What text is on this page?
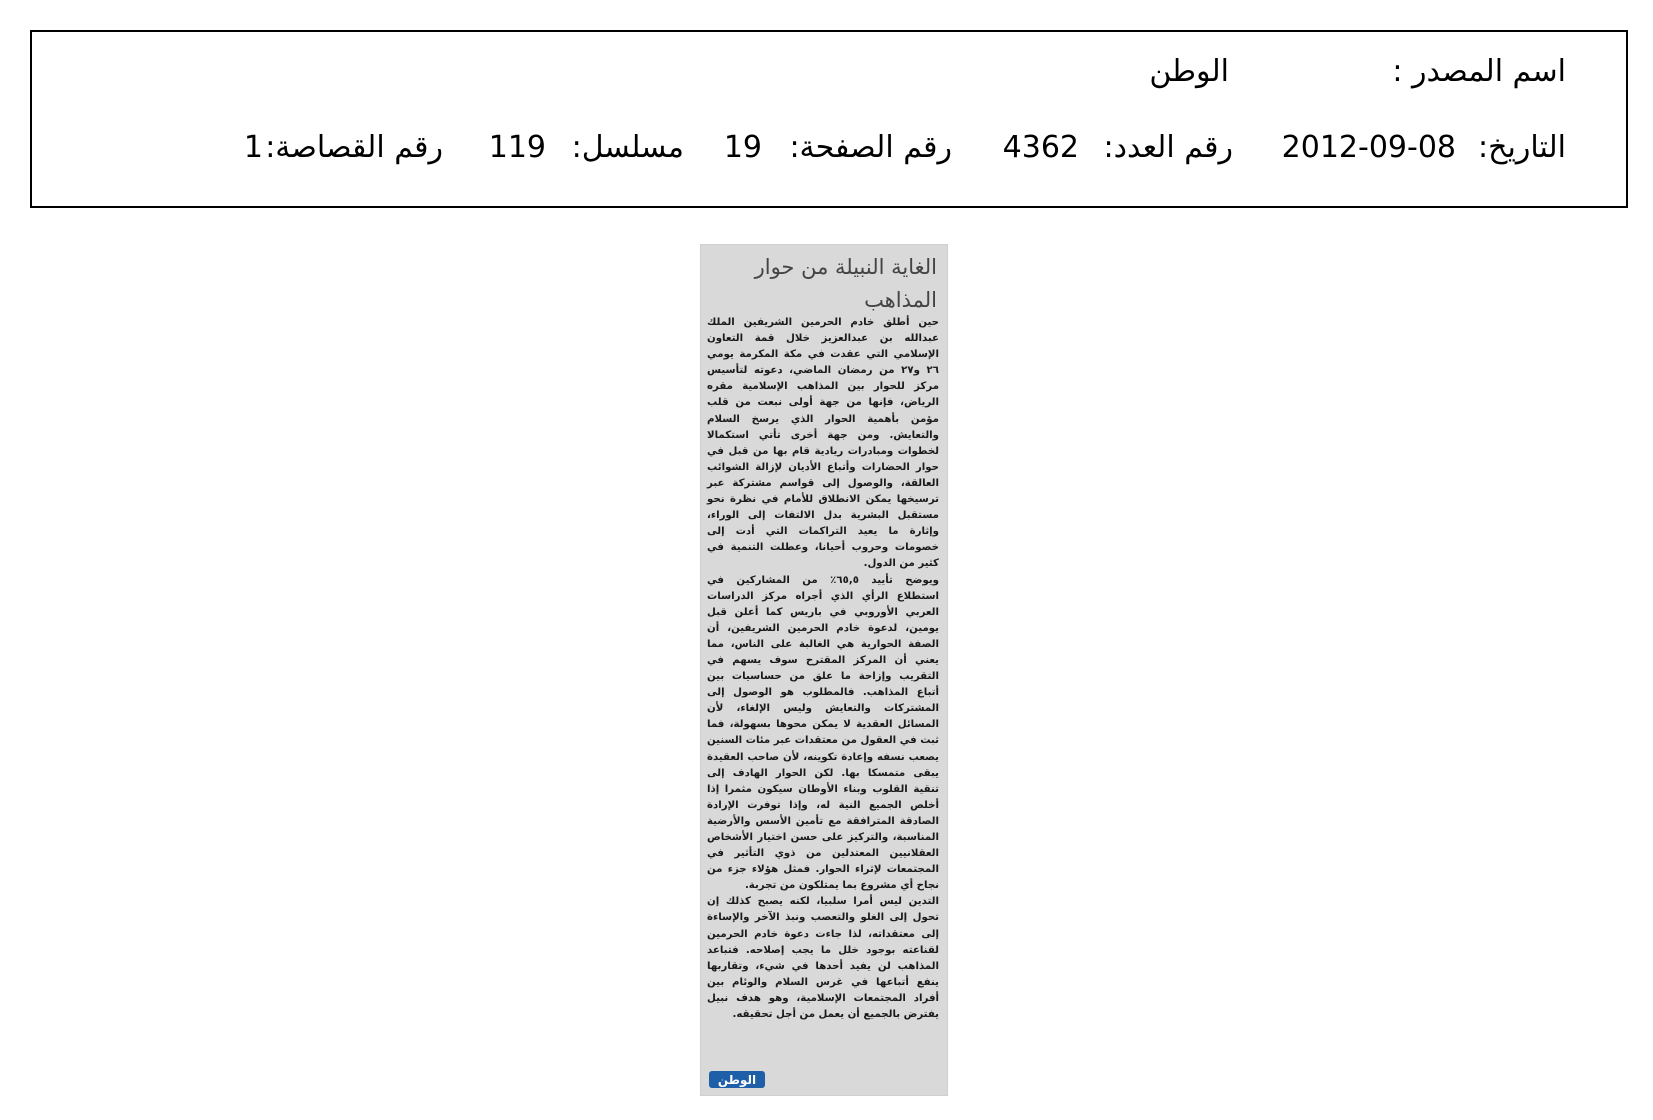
اسم المصدر :
الوطن
التاريخ:
2012-09-08
رقم العدد:
4362
رقم الصفحة:
19
مسلسل:
119
رقم القصاصة:
1
الغاية النبيلة من حوار المذاهب

حين أطلق خادم الحرمين الشريفين الملك عبدالله بن عبدالعزيز خلال قمة التعاون الإسلامي التي عقدت في مكة المكرمة يومي ٢٦ و٢٧ من رمضان الماضي، دعوته لتأسيس مركز للحوار بين المذاهب الإسلامية مقره الرياض، فإنها من جهة أولى نبعت من قلب مؤمن بأهمية الحوار الذي يرسخ السلام والتعايش. ومن جهة أخرى تأتي استكمالا لخطوات ومبادرات ريادية قام بها من قبل في حوار الحضارات وأتباع الأديان لإزالة الشوائب العالقة، والوصول إلى قواسم مشتركة عبر ترسيخها يمكن الانطلاق للأمام في نظرة نحو مستقبل البشرية بدل الالتفات إلى الوراء، وإثارة ما يعيد التراكمات التي أدت إلى خصومات وحروب أحيانا، وعطلت التنمية في كثير من الدول.

ويوضح تأييد ٦٥,٥٪ من المشاركين في استطلاع الرأي الذي أجراه مركز الدراسات العربي الأوروبي في باريس كما أعلن قبل يومين، لدعوة خادم الحرمين الشريفين، أن الصفة الحوارية هي الغالبة على الناس، مما يعني أن المركز المقترح سوف يسهم في التقريب وإزاحة ما علق من حساسيات بين أتباع المذاهب. فالمطلوب هو الوصول إلى المشتركات والتعايش وليس الإلغاء، لأن المسائل العقدية لا يمكن محوها بسهولة، فما ثبت في العقول من معتقدات عبر مئات السنين يصعب نسفه وإعادة تكوينه، لأن صاحب العقيدة يبقى متمسكا بها. لكن الحوار الهادف إلى تنقية القلوب وبناء الأوطان سيكون مثمرا إذا أخلص الجميع النية له، وإذا توفرت الإرادة الصادقة المترافقة مع تأمين الأسس والأرضية المناسبة، والتركيز على حسن اختيار الأشخاص العقلانيين المعتدلين من ذوي التأثير في المجتمعات لإثراء الحوار. فمثل هؤلاء جزء من نجاح أي مشروع بما يمتلكون من تجربة.

التدين ليس أمرا سلبيا، لكنه يصبح كذلك إن تحول إلى الغلو والتعصب ونبذ الآخر والإساءة إلى معتقداته، لذا جاءت دعوة خادم الحرمين لقناعته بوجود خلل ما يجب إصلاحه. فتباعد المذاهب لن يفيد أحدها في شيء، وتقاربها ينفع أتباعها في غرس السلام والوئام بين أفراد المجتمعات الإسلامية، وهو هدف نبيل يفترض بالجميع أن يعمل من أجل تحقيقه.

الوطن
